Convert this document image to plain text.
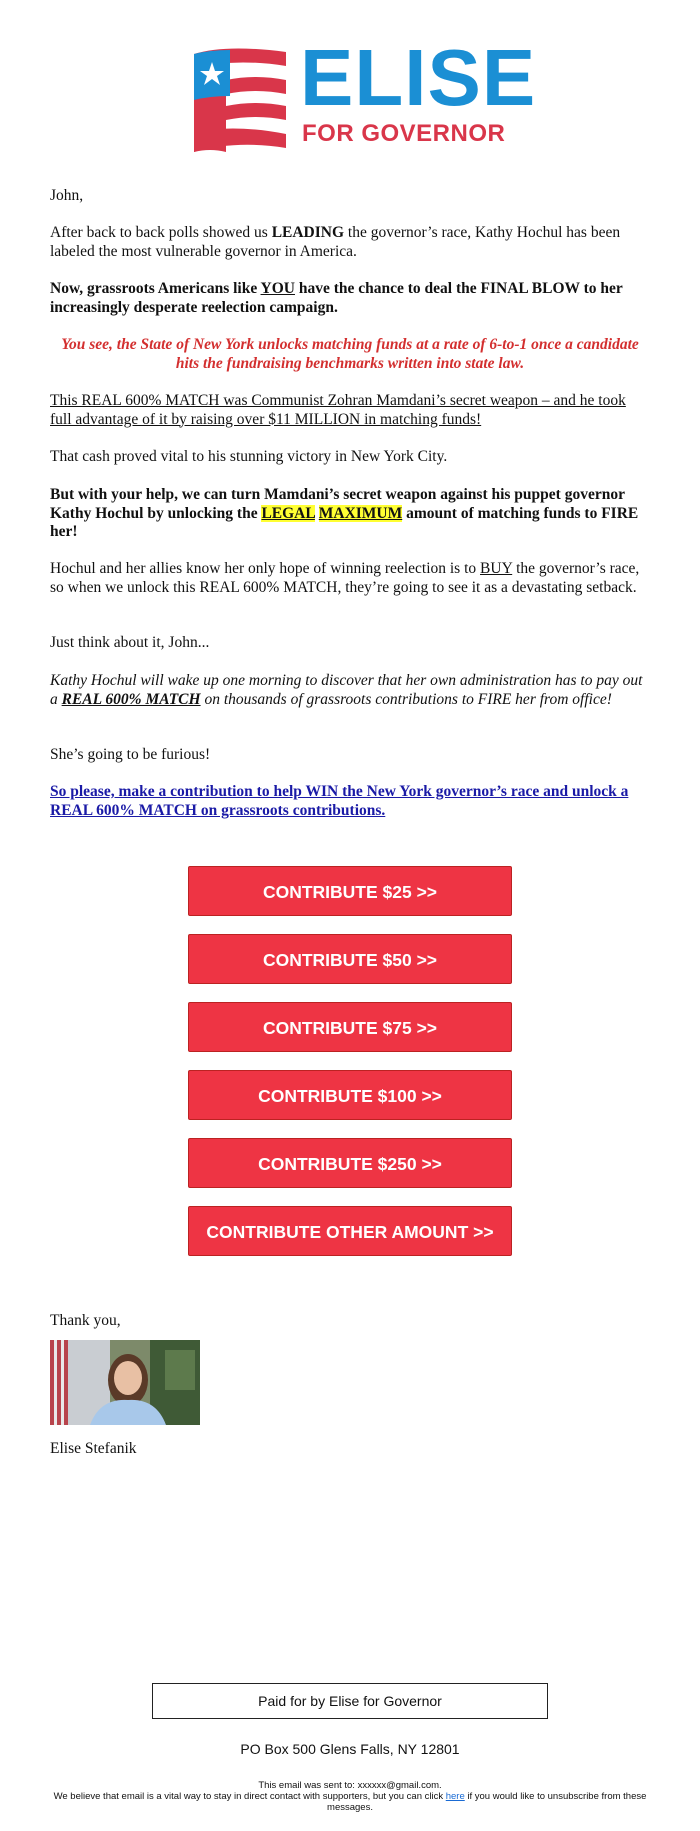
ELISE
FOR GOVERNOR

John,

After back to back polls showed us LEADING the governor’s race, Kathy Hochul has been labeled the most vulnerable governor in America.

Now, grassroots Americans like YOU have the chance to deal the FINAL BLOW to her increasingly desperate reelection campaign.

You see, the State of New York unlocks matching funds at a rate of 6-to-1 once a candidate hits the fundraising benchmarks written into state law.

This REAL 600% MATCH was Communist Zohran Mamdani’s secret weapon – and he took full advantage of it by raising over $11 MILLION in matching funds!

That cash proved vital to his stunning victory in New York City.

But with your help, we can turn Mamdani’s secret weapon against his puppet governor Kathy Hochul by unlocking the LEGAL MAXIMUM amount of matching funds to FIRE her!

Hochul and her allies know her only hope of winning reelection is to BUY the governor’s race, so when we unlock this REAL 600% MATCH, they’re going to see it as a devastating setback.

Just think about it, John...

Kathy Hochul will wake up one morning to discover that her own administration has to pay out a REAL 600% MATCH on thousands of grassroots contributions to FIRE her from office!

She’s going to be furious!

So please, make a contribution to help WIN the New York governor’s race and unlock a REAL 600% MATCH on grassroots contributions.

CONTRIBUTE $25 >>
CONTRIBUTE $50 >>
CONTRIBUTE $75 >>
CONTRIBUTE $100 >>
CONTRIBUTE $250 >>
CONTRIBUTE OTHER AMOUNT >>
Thank you,
Elise Stefanik
Paid for by Elise for Governor
PO Box 500 Glens Falls, NY 12801
This email was sent to: xxxxxx@gmail.com.
We believe that email is a vital way to stay in direct contact with supporters, but you can click here if you would like to unsubscribe from these messages.
